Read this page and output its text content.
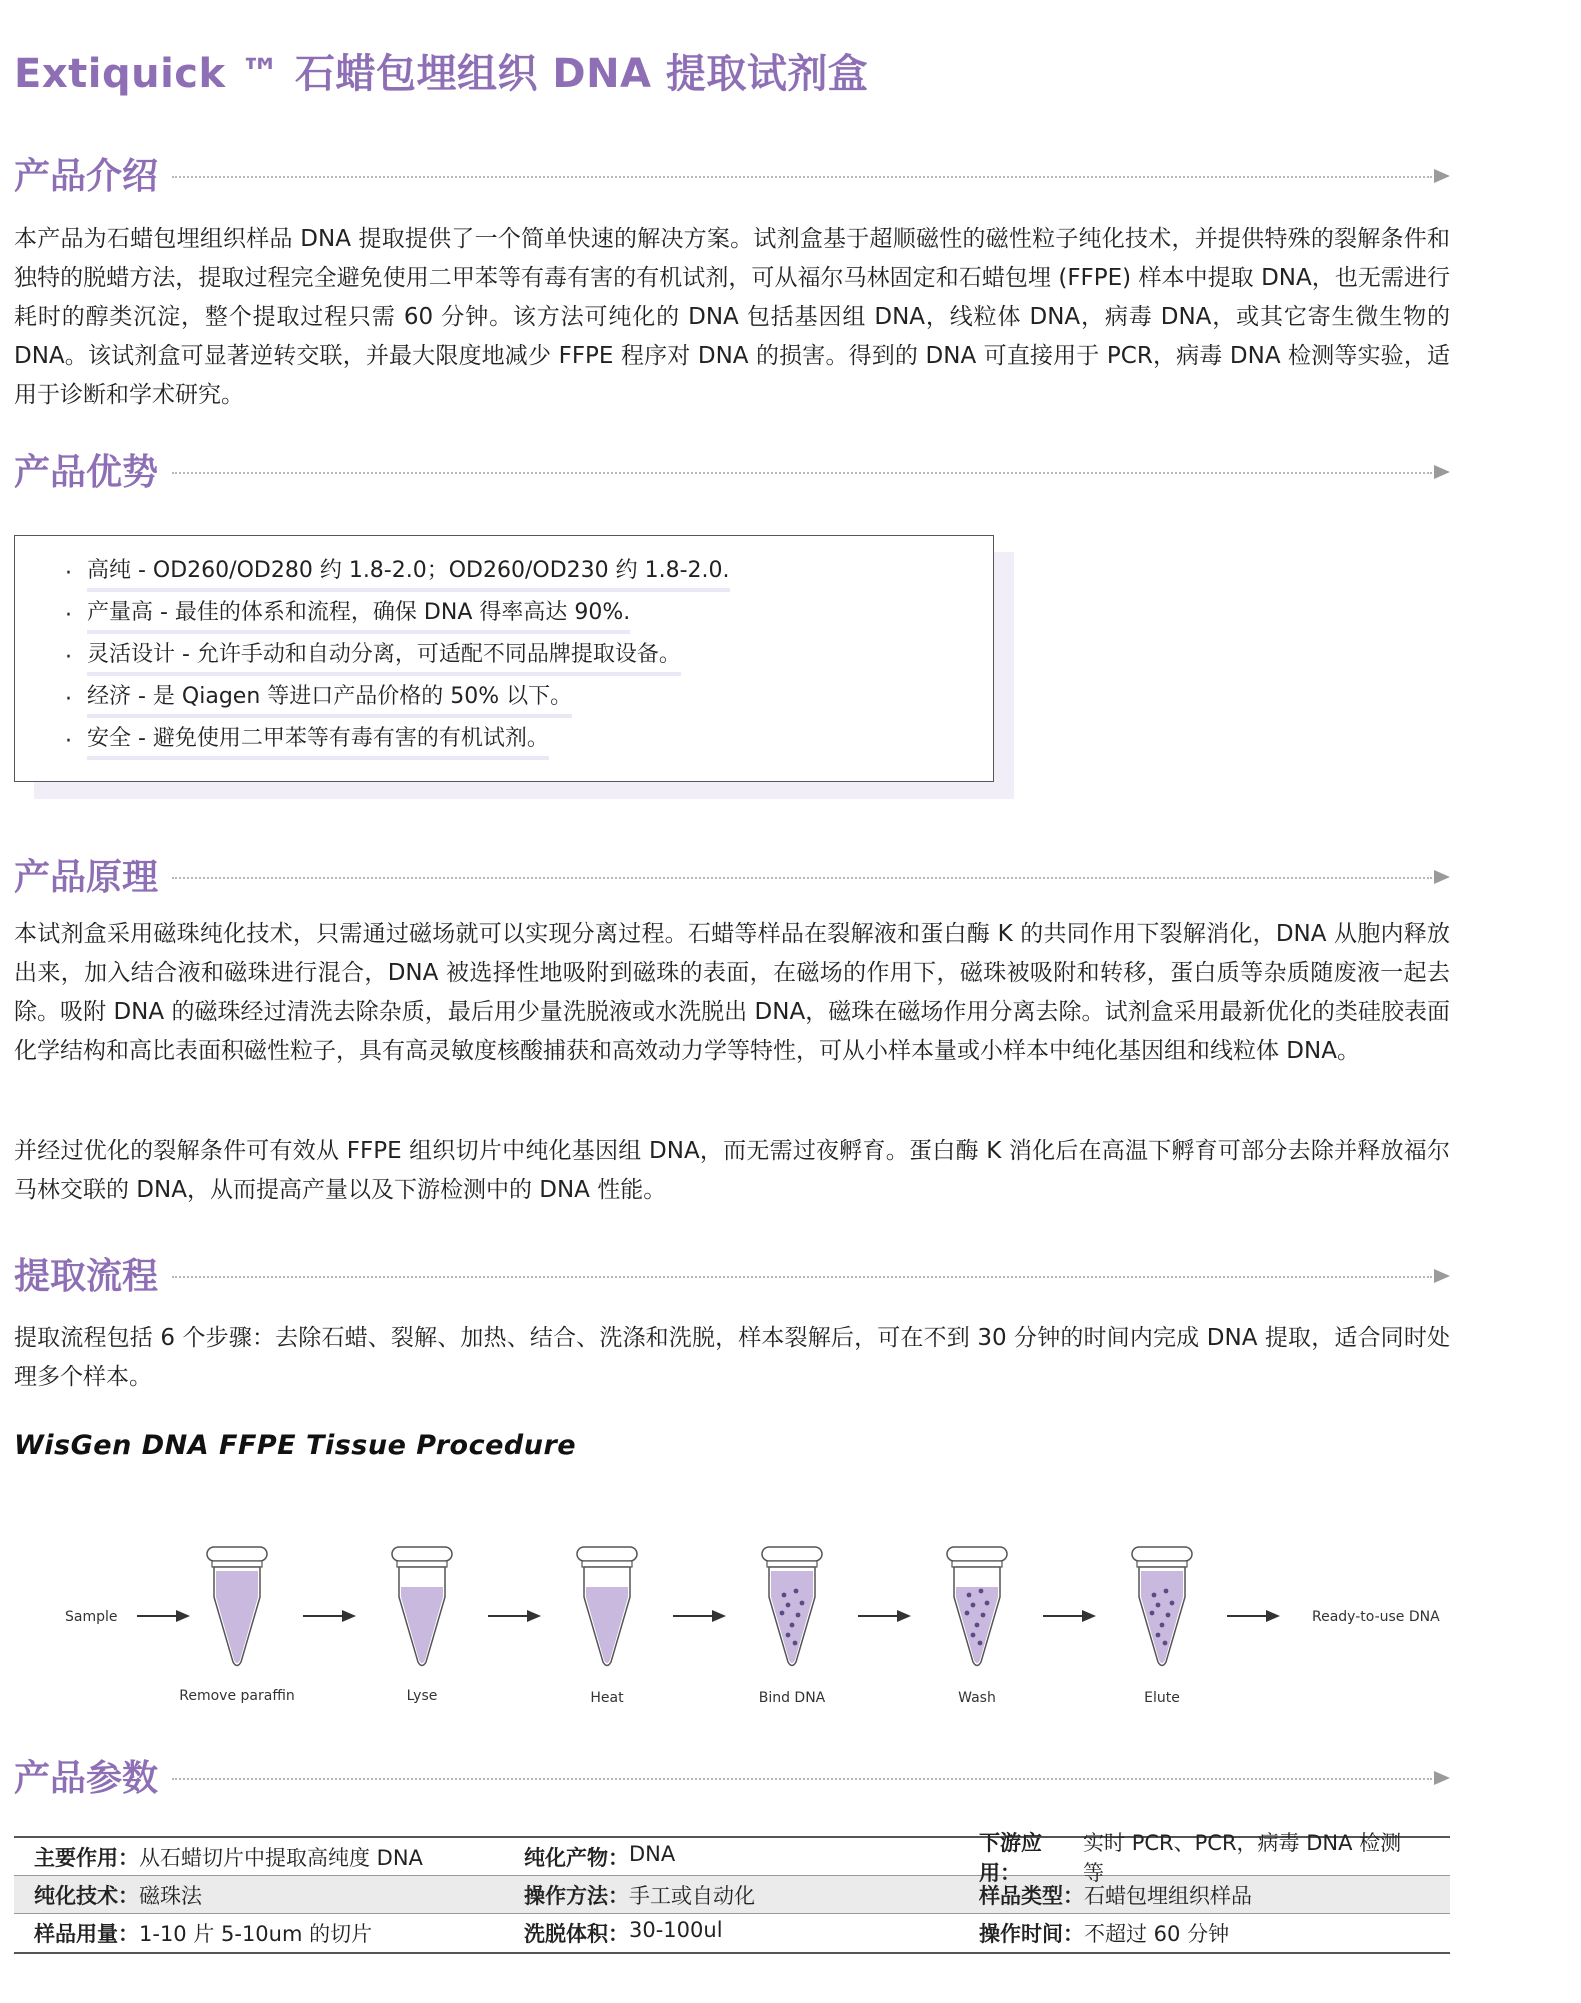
Extiquick ™ 石蜡包埋组织 DNA 提取试剂盒
产品介绍

本产品为石蜡包埋组织样品 DNA 提取提供了一个简单快速的解决方案。试剂盒基于超顺磁性的磁性粒子纯化技术，并提供特殊的裂解条件和独特的脱蜡方法，提取过程完全避免使用二甲苯等有毒有害的有机试剂，可从福尔马林固定和石蜡包埋 (FFPE) 样本中提取 DNA，也无需进行耗时的醇类沉淀，整个提取过程只需 60 分钟。该方法可纯化的 DNA 包括基因组 DNA，线粒体 DNA，病毒 DNA，或其它寄生微生物的 DNA。该试剂盒可显著逆转交联，并最大限度地减少 FFPE 程序对 DNA 的损害。得到的 DNA 可直接用于 PCR，病毒 DNA 检测等实验，适用于诊断和学术研究。

产品优势
· 高纯 - OD260/OD280 约 1.8-2.0；OD260/OD230 约 1.8-2.0.
· 产量高 - 最佳的体系和流程，确保 DNA 得率高达 90%.
· 灵活设计 - 允许手动和自动分离，可适配不同品牌提取设备。
· 经济 - 是 Qiagen 等进口产品价格的 50% 以下。
· 安全 - 避免使用二甲苯等有毒有害的有机试剂。
产品原理

本试剂盒采用磁珠纯化技术，只需通过磁场就可以实现分离过程。石蜡等样品在裂解液和蛋白酶 K 的共同作用下裂解消化，DNA 从胞内释放出来，加入结合液和磁珠进行混合，DNA 被选择性地吸附到磁珠的表面，在磁场的作用下，磁珠被吸附和转移，蛋白质等杂质随废液一起去除。吸附 DNA 的磁珠经过清洗去除杂质，最后用少量洗脱液或水洗脱出 DNA，磁珠在磁场作用分离去除。试剂盒采用最新优化的类硅胶表面化学结构和高比表面积磁性粒子，具有高灵敏度核酸捕获和高效动力学等特性，可从小样本量或小样本中纯化基因组和线粒体 DNA。

并经过优化的裂解条件可有效从 FFPE 组织切片中纯化基因组 DNA，而无需过夜孵育。蛋白酶 K 消化后在高温下孵育可部分去除并释放福尔马林交联的 DNA，从而提高产量以及下游检测中的 DNA 性能。

提取流程

提取流程包括 6 个步骤：去除石蜡、裂解、加热、结合、洗涤和洗脱，样本裂解后，可在不到 30 分钟的时间内完成 DNA 提取，适合同时处理多个样本。

WisGen DNA FFPE Tissue Procedure
Sample	Ready-to-use DNA
Remove paraffin	Lyse	Heat	Bind DNA	Wash	Elute
产品参数
主要作用： 从石蜡切片中提取高纯度 DNA	纯化产物： DNA	下游应用：
实时 PCR、PCR，病毒 DNA 检测等
纯化技术： 磁珠法	操作方法： 手工或自动化	样品类型： 石蜡包埋组织样品
样品用量： 1-10 片 5-10um 的切片	洗脱体积： 30-100ul	操作时间： 不超过 60 分钟
